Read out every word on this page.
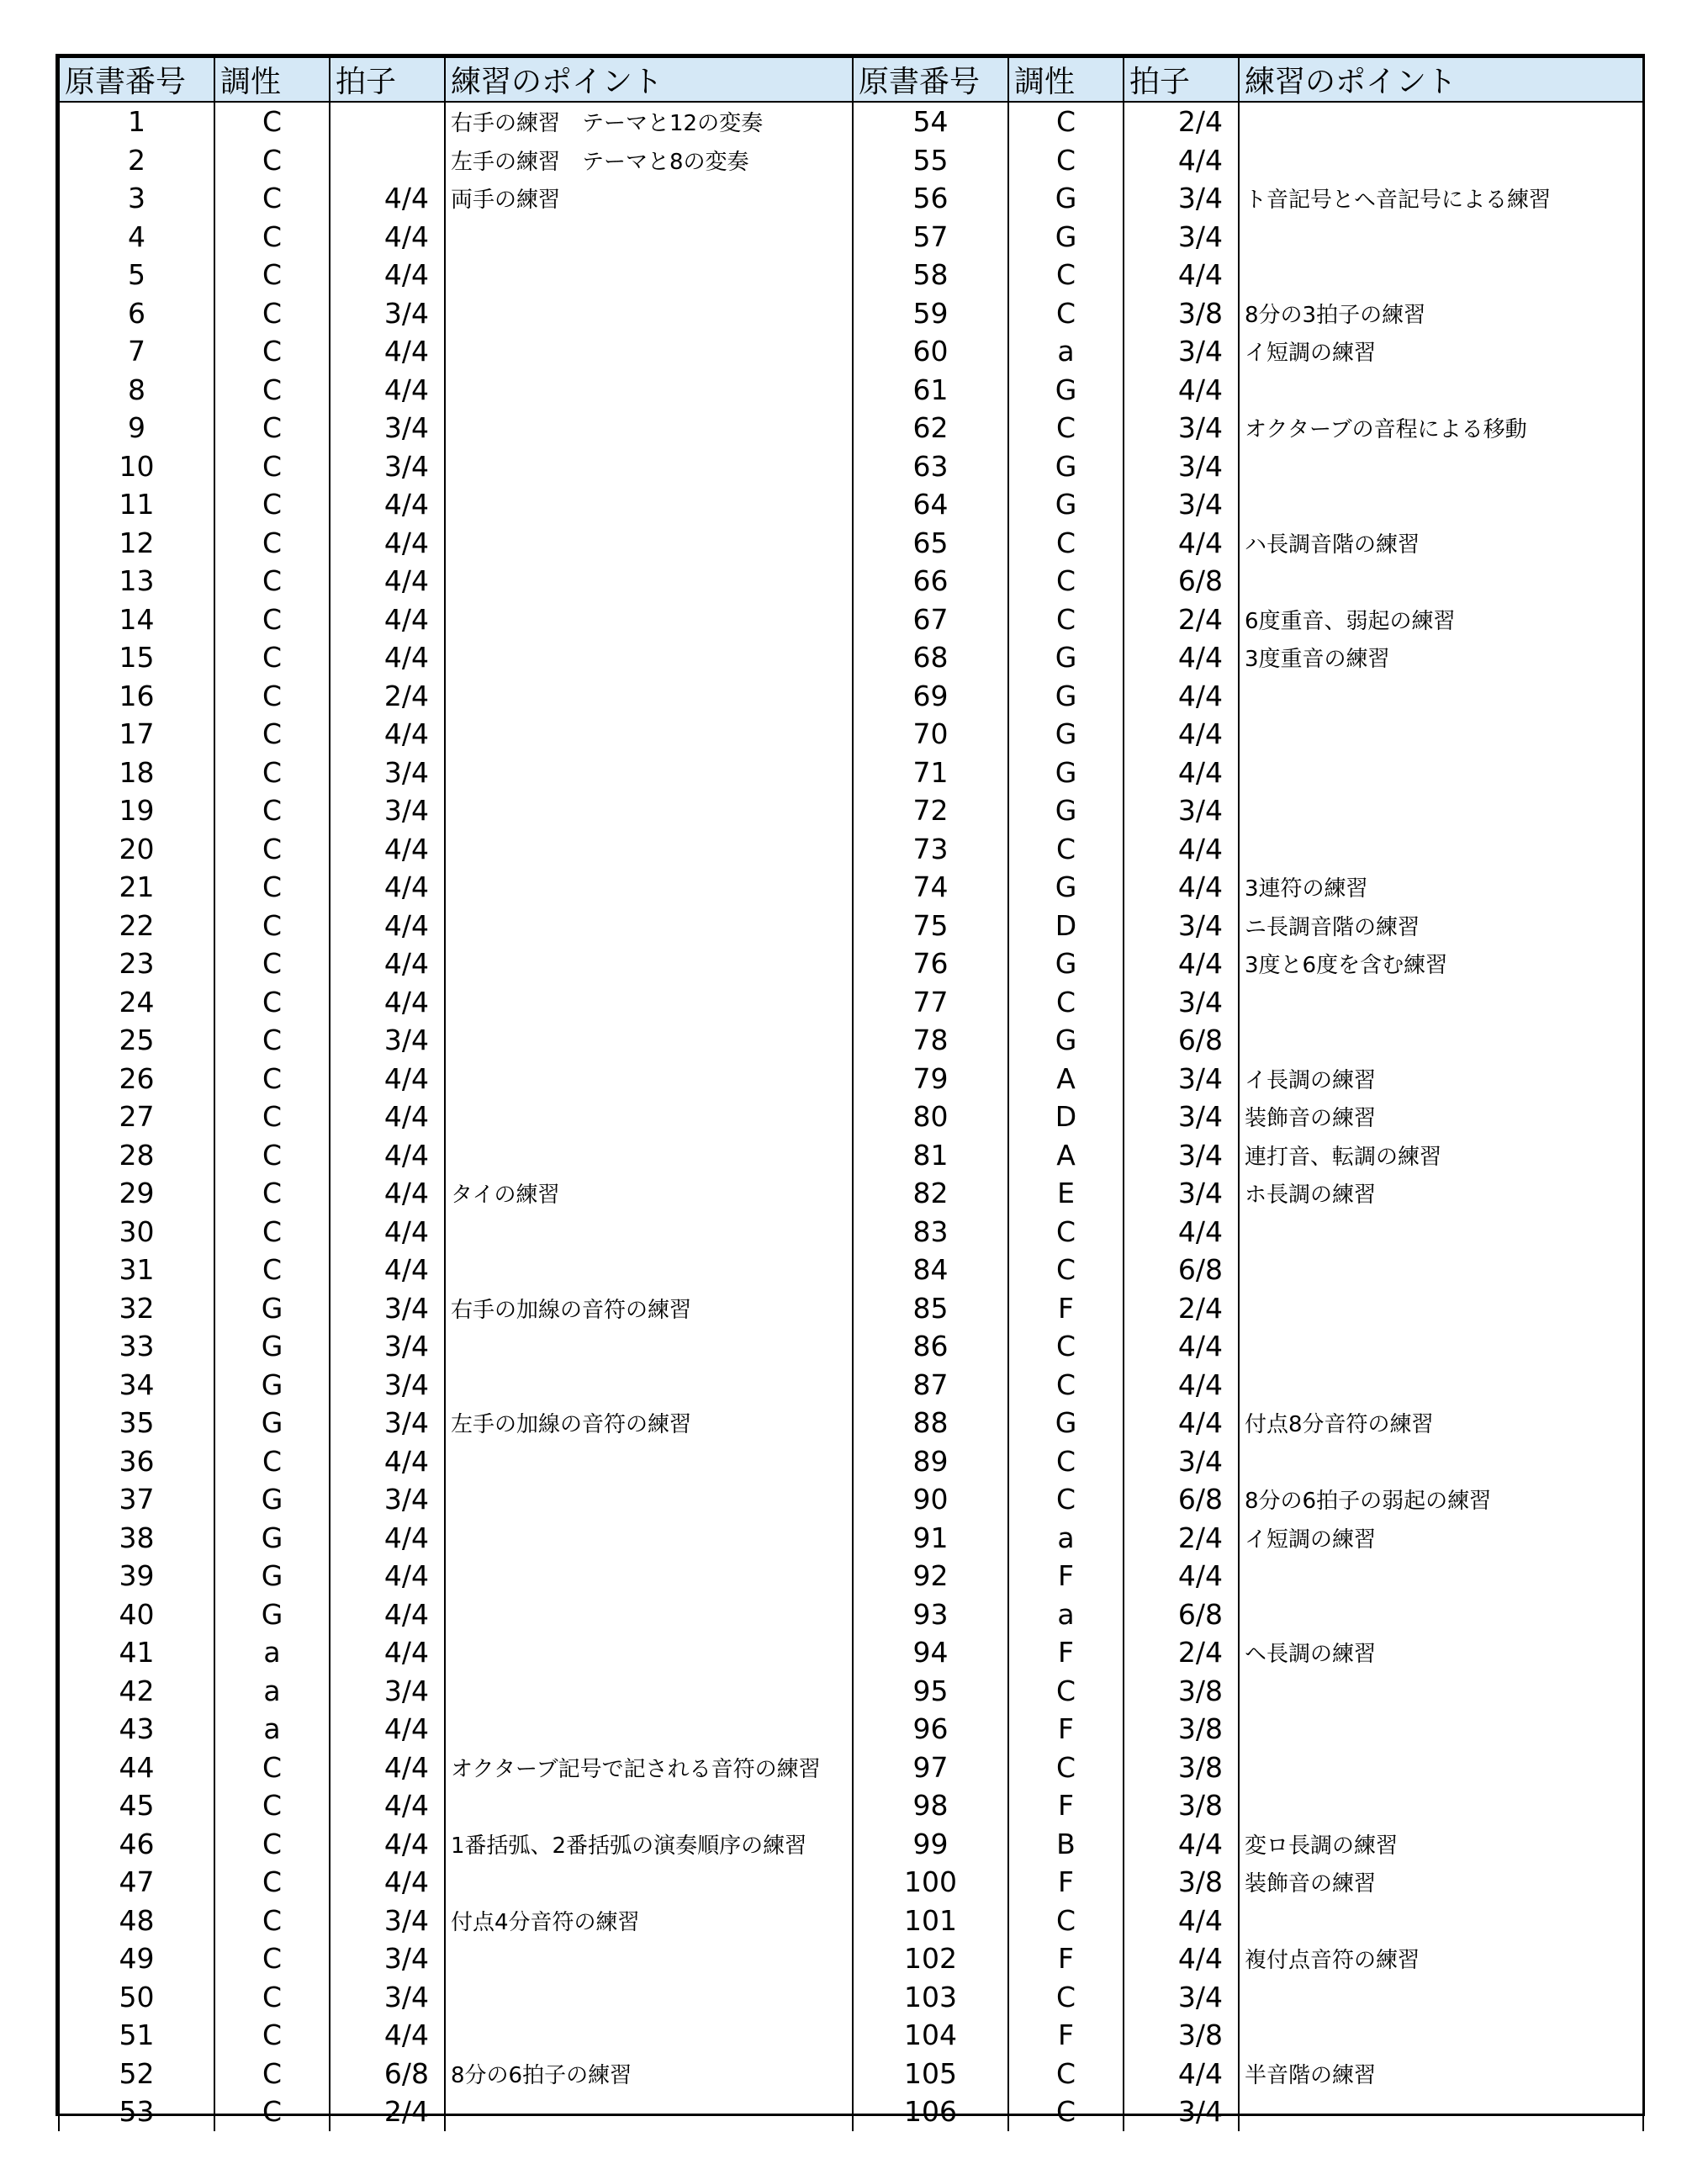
原書番号	調性	拍子	練習のポイント	原書番号	調性	拍子	練習のポイント
1	C		右手の練習　テーマと12の変奏	54	C	2/4	
2	C		左手の練習　テーマと8の変奏	55	C	4/4	
3	C	4/4	両手の練習	56	G	3/4	ト音記号とヘ音記号による練習
4	C	4/4		57	G	3/4	
5	C	4/4		58	C	4/4	
6	C	3/4		59	C	3/8	8分の3拍子の練習
7	C	4/4		60	a	3/4	イ短調の練習
8	C	4/4		61	G	4/4	
9	C	3/4		62	C	3/4	オクターブの音程による移動
10	C	3/4		63	G	3/4	
11	C	4/4		64	G	3/4	
12	C	4/4		65	C	4/4	ハ長調音階の練習
13	C	4/4		66	C	6/8	
14	C	4/4		67	C	2/4	6度重音、弱起の練習
15	C	4/4		68	G	4/4	3度重音の練習
16	C	2/4		69	G	4/4	
17	C	4/4		70	G	4/4	
18	C	3/4		71	G	4/4	
19	C	3/4		72	G	3/4	
20	C	4/4		73	C	4/4	
21	C	4/4		74	G	4/4	3連符の練習
22	C	4/4		75	D	3/4	ニ長調音階の練習
23	C	4/4		76	G	4/4	3度と6度を含む練習
24	C	4/4		77	C	3/4	
25	C	3/4		78	G	6/8	
26	C	4/4		79	A	3/4	イ長調の練習
27	C	4/4		80	D	3/4	装飾音の練習
28	C	4/4		81	A	3/4	連打音、転調の練習
29	C	4/4	タイの練習	82	E	3/4	ホ長調の練習
30	C	4/4		83	C	4/4	
31	C	4/4		84	C	6/8	
32	G	3/4	右手の加線の音符の練習	85	F	2/4	
33	G	3/4		86	C	4/4	
34	G	3/4		87	C	4/4	
35	G	3/4	左手の加線の音符の練習	88	G	4/4	付点8分音符の練習
36	C	4/4		89	C	3/4	
37	G	3/4		90	C	6/8	8分の6拍子の弱起の練習
38	G	4/4		91	a	2/4	イ短調の練習
39	G	4/4		92	F	4/4	
40	G	4/4		93	a	6/8	
41	a	4/4		94	F	2/4	ヘ長調の練習
42	a	3/4		95	C	3/8	
43	a	4/4		96	F	3/8	
44	C	4/4	オクターブ記号で記される音符の練習	97	C	3/8	
45	C	4/4		98	F	3/8	
46	C	4/4	1番括弧、2番括弧の演奏順序の練習	99	B	4/4	変ロ長調の練習
47	C	4/4		100	F	3/8	装飾音の練習
48	C	3/4	付点4分音符の練習	101	C	4/4	
49	C	3/4		102	F	4/4	複付点音符の練習
50	C	3/4		103	C	3/4	
51	C	4/4		104	F	3/8	
52	C	6/8	8分の6拍子の練習	105	C	4/4	半音階の練習
53	C	2/4		106	C	3/4	
